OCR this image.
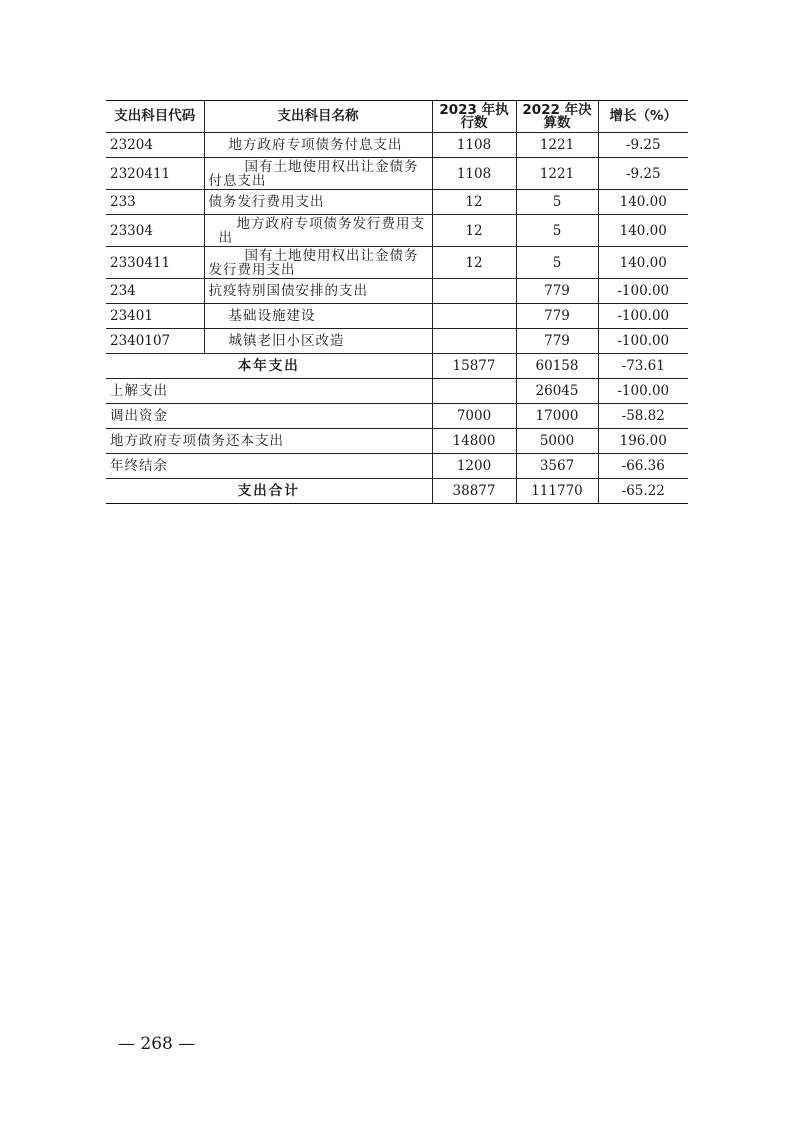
支出科目代码	支出科目名称	2023 年执行数	2022 年决算数	增长（%）
23204	地方政府专项债务付息支出	1108	1221	-9.25
2320411	国有土地使用权出让金债务付息支出	1108	1221	-9.25
233	债务发行费用支出	12	5	140.00
23304	地方政府专项债务发行费用支出	12	5	140.00
2330411	国有土地使用权出让金债务发行费用支出	12	5	140.00
234	抗疫特别国债安排的支出		779	-100.00
23401	基础设施建设		779	-100.00
2340107	城镇老旧小区改造		779	-100.00
本年支出		15877	60158	-73.61
上解支出			26045	-100.00
调出资金		7000	17000	-58.82
地方政府专项债务还本支出		14800	5000	196.00
年终结余		1200	3567	-66.36
支出合计		38877	111770	-65.22
— 268 —
